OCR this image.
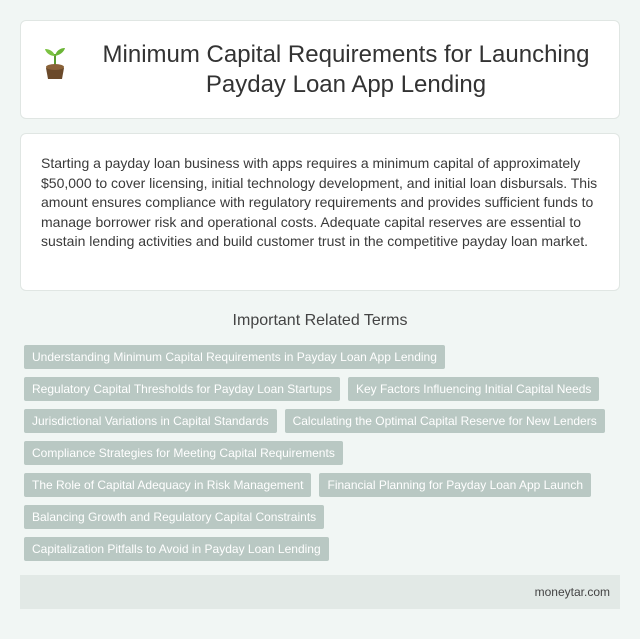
Minimum Capital Requirements for Launching Payday Loan App Lending

Starting a payday loan business with apps requires a minimum capital of approximately $50,000 to cover licensing, initial technology development, and initial loan disbursals. This amount ensures compliance with regulatory requirements and provides sufficient funds to manage borrower risk and operational costs. Adequate capital reserves are essential to sustain lending activities and build customer trust in the competitive payday loan market.

Important Related Terms
Understanding Minimum Capital Requirements in Payday Loan App Lending
Regulatory Capital Thresholds for Payday Loan Startups	Key Factors Influencing Initial Capital Needs
Jurisdictional Variations in Capital Standards	Calculating the Optimal Capital Reserve for New Lenders
Compliance Strategies for Meeting Capital Requirements
The Role of Capital Adequacy in Risk Management	Financial Planning for Payday Loan App Launch
Balancing Growth and Regulatory Capital Constraints
Capitalization Pitfalls to Avoid in Payday Loan Lending
moneytar.com
